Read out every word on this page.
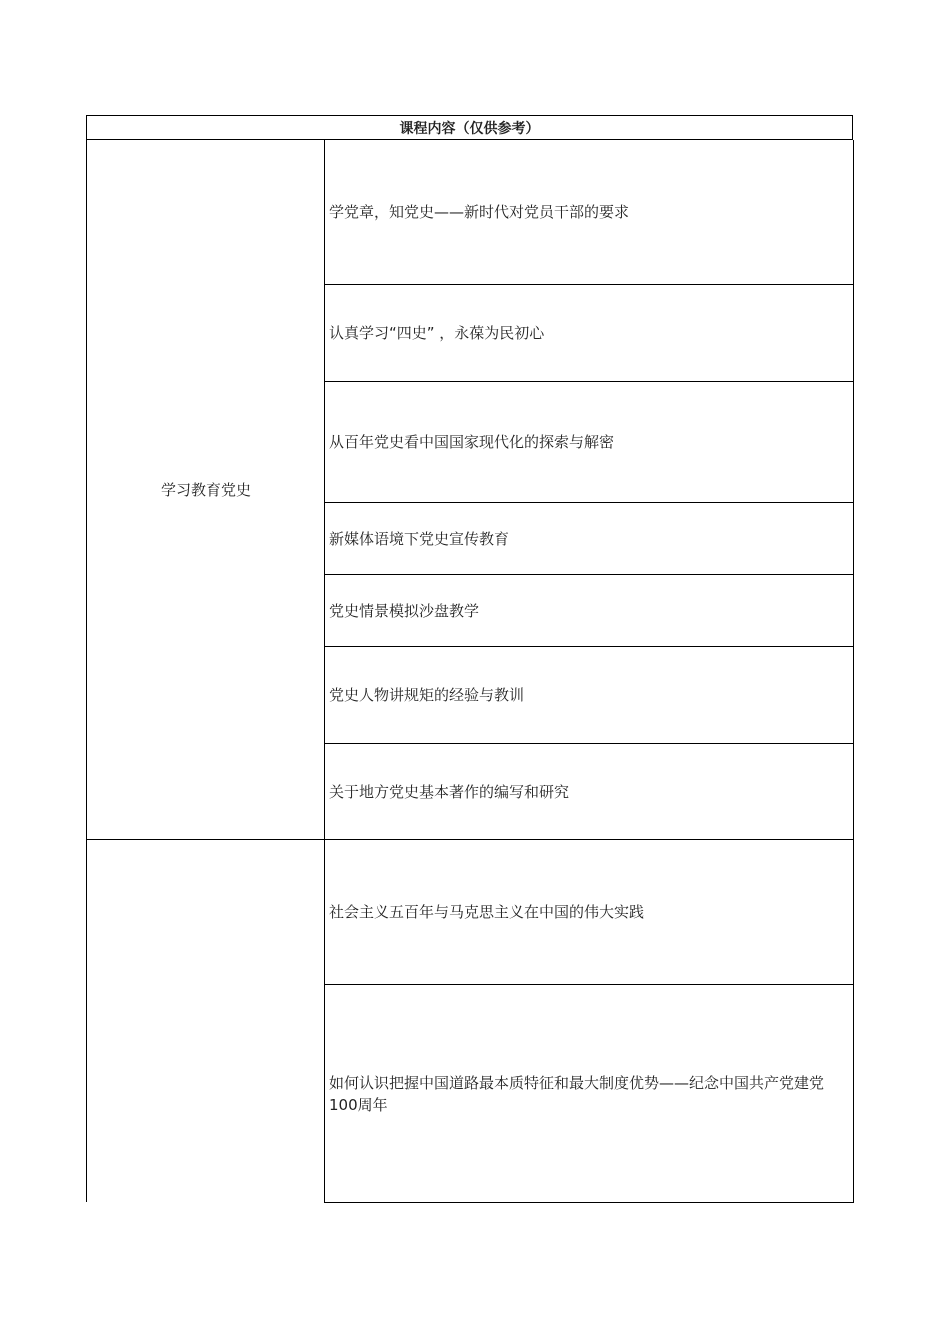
课程内容（仅供参考）
学习教育党史
学党章，知党史——新时代对党员干部的要求
认真学习“四史” ，永葆为民初心
从百年党史看中国国家现代化的探索与解密
新媒体语境下党史宣传教育
党史情景模拟沙盘教学
党史人物讲规矩的经验与教训
关于地方党史基本著作的编写和研究
社会主义五百年与马克思主义在中国的伟大实践
如何认识把握中国道路最本质特征和最大制度优势——纪念中国共产党建党100周年
